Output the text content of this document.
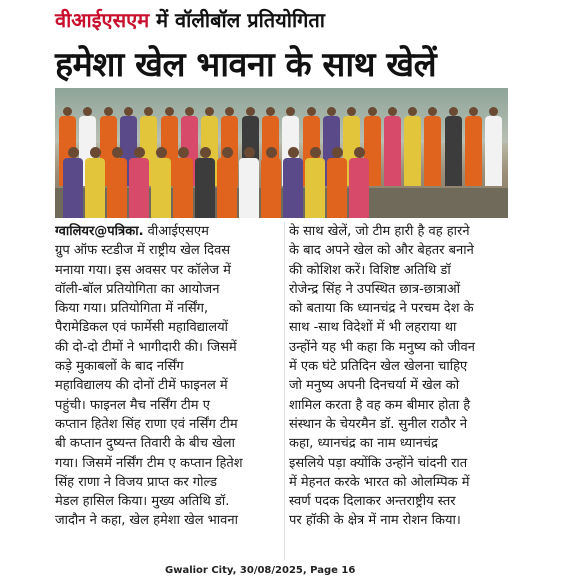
वीआईएसएम में वॉलीबॉल प्रतियोगिता
हमेशा खेल भावना के साथ खेलें
ग्वालियर@पत्रिका. वीआईएसएम
ग्रुप ऑफ स्टडीज में राष्ट्रीय खेल दिवस
मनाया गया। इस अवसर पर कॉलेज में
वॉली-बॉल प्रतियोगिता का आयोजन
किया गया। प्रतियोगिता में नर्सिंग,
पैरामेडिकल एवं फार्मेसी महाविद्यालयों
की दो-दो टीमों ने भागीदारी की। जिसमें
कड़े मुकाबलों के बाद नर्सिंग
महाविद्यालय की दोनों टीमें फाइनल में
पहुंची। फाइनल मैच नर्सिंग टीम ए
कप्तान हितेश सिंह राणा एवं नर्सिंग टीम
बी कप्तान दुष्यन्त तिवारी के बीच खेला
गया। जिसमें नर्सिंग टीम ए कप्तान हितेश
सिंह राणा ने विजय प्राप्त कर गोल्ड
मेडल हासिल किया। मुख्य अतिथि डॉ.
जादौन ने कहा, खेल हमेशा खेल भावना
के साथ खेलें, जो टीम हारी है वह हारने
के बाद अपने खेल को और बेहतर बनाने
की कोशिश करें। विशिष्ट अतिथि डॉ
रोजेन्द्र सिंह ने उपस्थित छात्र-छात्राओं
को बताया कि ध्यानचंद्र ने परचम देश के
साथ -साथ विदेशों में भी लहराया था
उन्होंने यह भी कहा कि मनुष्य को जीवन
में एक घंटे प्रतिदिन खेल खेलना चाहिए
जो मनुष्य अपनी दिनचर्या में खेल को
शामिल करता है वह कम बीमार होता है
संस्थान के चेयरमैन डॉ. सुनील राठौर ने
कहा, ध्यानचंद्र का नाम ध्यानचंद्र
इसलिये पड़ा क्योंकि उन्होंने चांदनी रात
में मेहनत करके भारत को ओलम्पिक में
स्वर्ण पदक दिलाकर अन्तराष्ट्रीय स्तर
पर हॉकी के क्षेत्र में नाम रोशन किया।
Gwalior City, 30/08/2025, Page 16
